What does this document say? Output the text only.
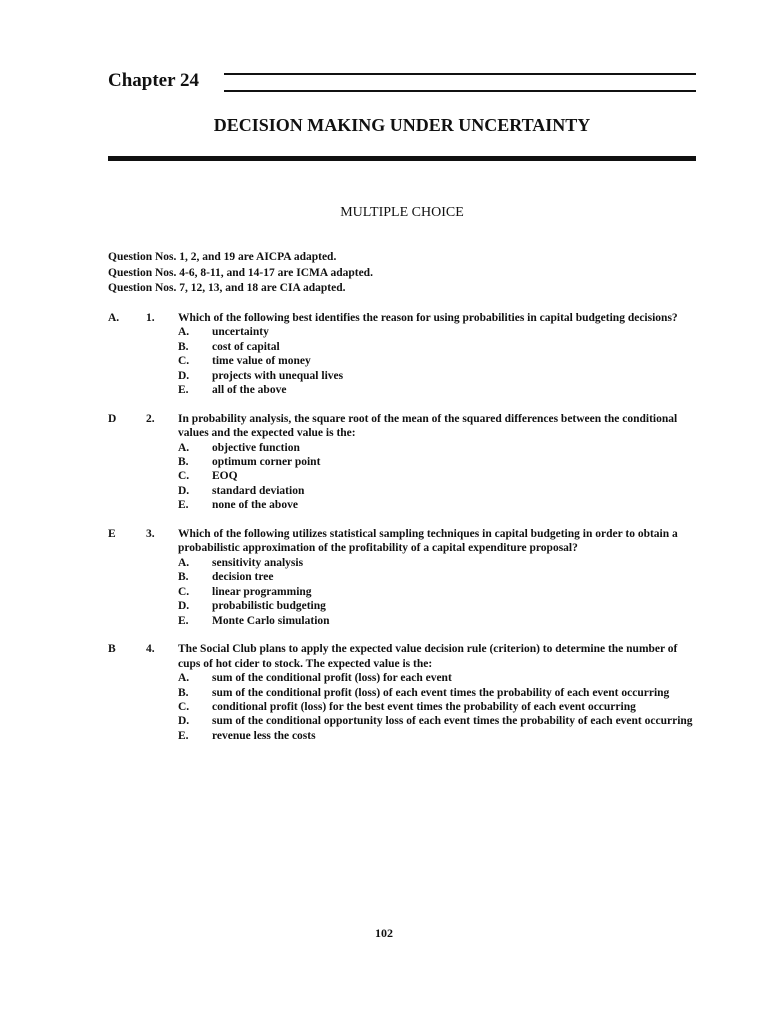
Chapter 24
DECISION MAKING UNDER UNCERTAINTY
MULTIPLE CHOICE
Question Nos. 1, 2, and 19 are AICPA adapted.
Question Nos. 4-6, 8-11, and 14-17 are ICMA adapted.
Question Nos. 7, 12, 13, and 18 are CIA adapted.
A. 1. Which of the following best identifies the reason for using probabilities in capital budgeting decisions?

A. uncertainty
B. cost of capital
C. time value of money
D. projects with unequal lives
E. all of the above
D	2. In probability analysis, the square root of the mean of the squared differences between the conditional values and the expected value is the:

A. objective function
B. optimum corner point
C. EOQ
D. standard deviation
E. none of the above
E	3. Which of the following utilizes statistical sampling techniques in capital budgeting in order to obtain a probabilistic approximation of the profitability of a capital expenditure proposal?

A. sensitivity analysis
B. decision tree
C. linear programming
D. probabilistic budgeting
E. Monte Carlo simulation
B	4. The Social Club plans to apply the expected value decision rule (criterion) to determine the number of cups of hot cider to stock. The expected value is the:

A. sum of the conditional profit (loss) for each event
B. sum of the conditional profit (loss) of each event times the probability of each event occurring
C. conditional profit (loss) for the best event times the probability of each event occurring
D. sum of the conditional opportunity loss of each event times the probability of each event occurring
E. revenue less the costs
102
